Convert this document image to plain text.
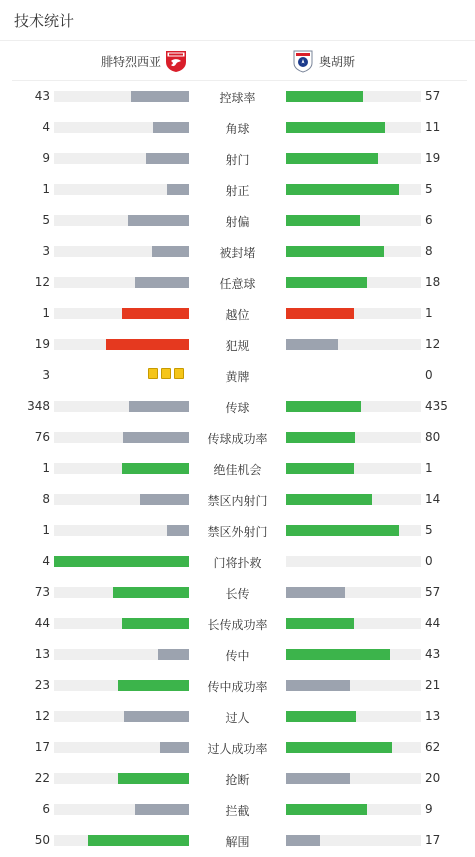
技术统计
腓特烈西亚	奥胡斯
43	控球率	57
4	角球	11
9	射门	19
1	射正	5
5	射偏	6
3	被封堵	8
12	任意球	18
1	越位	1
19	犯规	12
3	黄牌	0
348	传球	435
76	传球成功率	80
1	绝佳机会	1
8	禁区内射门	14
1	禁区外射门	5
4	门将扑救	0
73	长传	57
44	长传成功率	44
13	传中	43
23	传中成功率	21
12	过人	13
17	过人成功率	62
22	抢断	20
6	拦截	9
50	解围	17
